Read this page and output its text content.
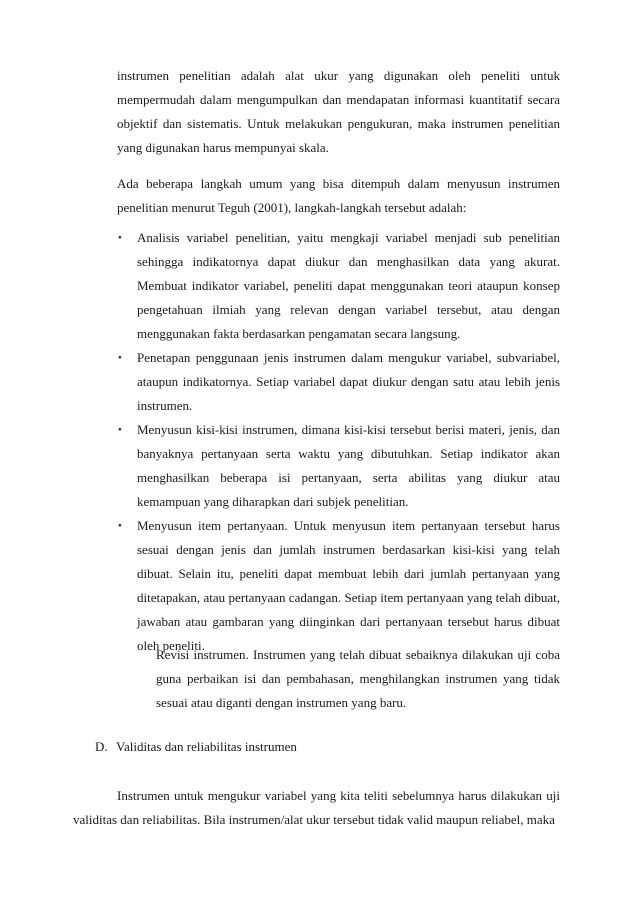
instrumen penelitian adalah alat ukur yang digunakan oleh peneliti untuk mempermudah dalam mengumpulkan dan mendapatan informasi kuantitatif secara objektif dan sistematis. Untuk melakukan pengukuran, maka instrumen penelitian yang digunakan harus mempunyai skala.

Ada beberapa langkah umum yang bisa ditempuh dalam menyusun instrumen penelitian menurut Teguh (2001), langkah-langkah tersebut adalah:

• Analisis variabel penelitian, yaitu mengkaji variabel menjadi sub penelitian sehingga indikatornya dapat diukur dan menghasilkan data yang akurat. Membuat indikator variabel, peneliti dapat menggunakan teori ataupun konsep pengetahuan ilmiah yang relevan dengan variabel tersebut, atau dengan menggunakan fakta berdasarkan pengamatan secara langsung.

• Penetapan penggunaan jenis instrumen dalam mengukur variabel, subvariabel, ataupun indikatornya. Setiap variabel dapat diukur dengan satu atau lebih jenis instrumen.

• Menyusun kisi-kisi instrumen, dimana kisi-kisi tersebut berisi materi, jenis, dan banyaknya pertanyaan serta waktu yang dibutuhkan. Setiap indikator akan menghasilkan beberapa isi pertanyaan, serta abilitas yang diukur atau kemampuan yang diharapkan dari subjek penelitian.

• Menyusun item pertanyaan. Untuk menyusun item pertanyaan tersebut harus sesuai dengan jenis dan jumlah instrumen berdasarkan kisi-kisi yang telah dibuat. Selain itu, peneliti dapat membuat lebih dari jumlah pertanyaan yang ditetapakan, atau pertanyaan cadangan. Setiap item pertanyaan yang telah dibuat, jawaban atau gambaran yang diinginkan dari pertanyaan tersebut harus dibuat oleh peneliti.

Revisi instrumen. Instrumen yang telah dibuat sebaiknya dilakukan uji coba guna perbaikan isi dan pembahasan, menghilangkan instrumen yang tidak sesuai atau diganti dengan instrumen yang baru.

D. Validitas dan reliabilitas instrumen

Instrumen untuk mengukur variabel yang kita teliti sebelumnya harus dilakukan uji validitas dan reliabilitas. Bila instrumen/alat ukur tersebut tidak valid maupun reliabel, maka
